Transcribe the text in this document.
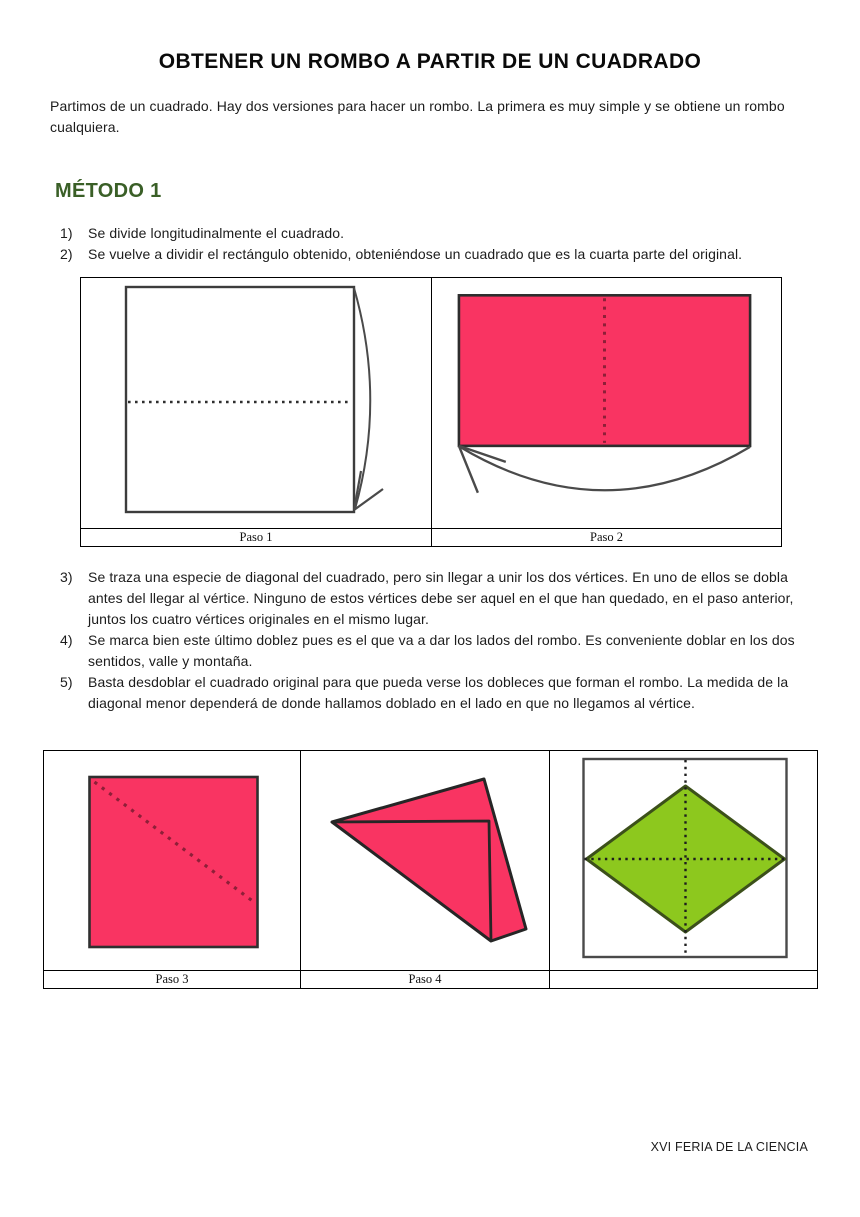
OBTENER UN ROMBO A PARTIR DE UN CUADRADO

Partimos de un cuadrado. Hay dos versiones para hacer un rombo. La primera es muy simple y se obtiene un rombo cualquiera.

MÉTODO 1
1)	Se divide longitudinalmente el cuadrado.
2)	Se vuelve a dividir el rectángulo obtenido, obteniéndose un cuadrado que es la cuarta parte del original.
Paso 1	Paso 2
3)	Se traza una especie de diagonal del cuadrado, pero sin llegar a unir los dos vértices. En uno de ellos se dobla antes del llegar al vértice. Ninguno de estos vértices debe ser aquel en el que han quedado, en el paso anterior, juntos los cuatro vértices originales en el mismo lugar.
4)	Se marca bien este último doblez pues es el que va a dar los lados del rombo. Es conveniente doblar en los dos sentidos, valle y montaña.
5)	Basta desdoblar el cuadrado original para que pueda verse los dobleces que forman el rombo. La medida de la diagonal menor dependerá de donde hallamos doblado en el lado en que no llegamos al vértice.
Paso 3	Paso 4
XVI FERIA DE LA CIENCIA
